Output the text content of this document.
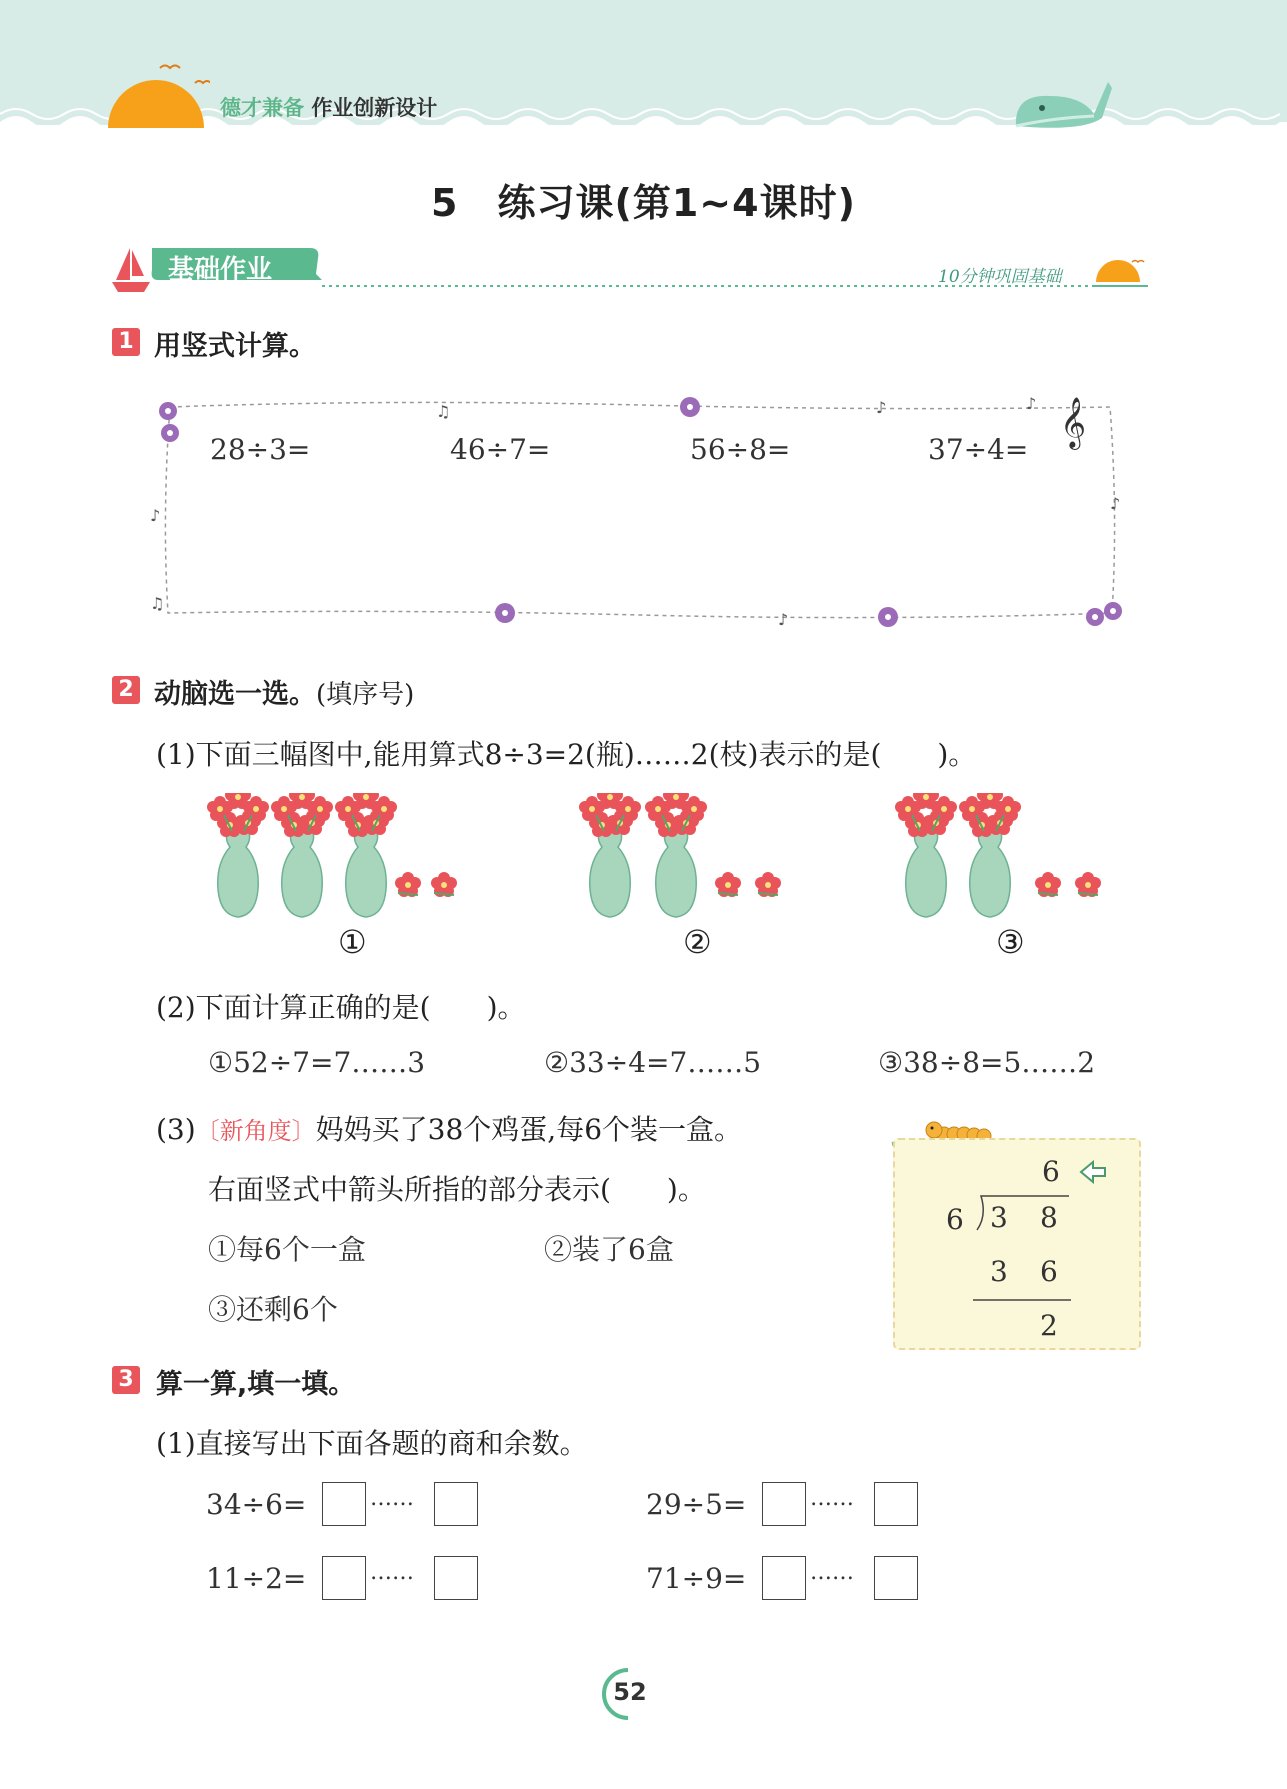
德才兼备 作业创新设计
5　练习课(第1~4课时)
基础作业	10分钟巩固基础
1 用竖式计算。
♫	♪	♪
♪
♫
♪
♪
𝄞
28÷3=	46÷7=	56÷8=	37÷4=
2 动脑选一选。(填序号)
(1)下面三幅图中,能用算式8÷3=2(瓶)……2(枝)表示的是(　　)。
①	②	③
(2)下面计算正确的是(　　)。
①52÷7=7……3	②33÷4=7……5	③38÷8=5……2
(3)〔新角度〕妈妈买了38个鸡蛋,每6个装一盒。
右面竖式中箭头所指的部分表示(　　)。
①每6个一盒	②装了6盒
③还剩6个
6
6 3 8
3 6
2
3 算一算,填一填。
(1)直接写出下面各题的商和余数。
34÷6=	……	29÷5=	……
11÷2=	……	71÷9=	……
52
